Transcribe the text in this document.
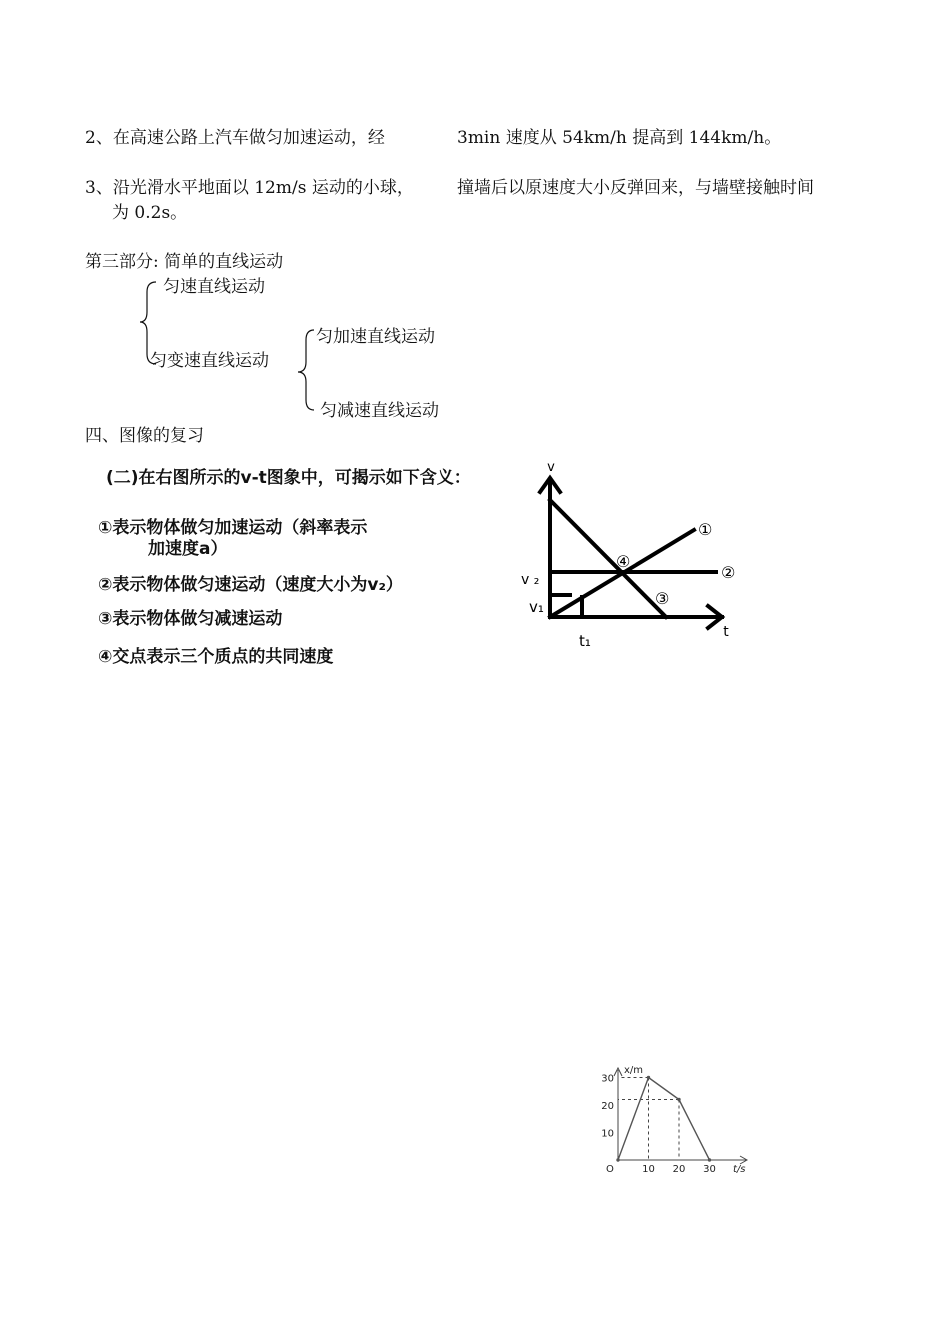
2、在高速公路上汽车做匀加速运动，经	3min 速度从 54km/h 提高到 144km/h。
3、沿光滑水平地面以 12m/s 运动的小球，	撞墙后以原速度大小反弹回来，与墙壁接触时间
为 0.2s。
第三部分: 简单的直线运动
匀速直线运动
匀变速直线运动
匀加速直线运动
匀减速直线运动
四、图像的复习
(二)在右图所示的v-t图象中，可揭示如下含义：
①表示物体做匀加速运动（斜率表示
加速度a）
②表示物体做匀速运动（速度大小为v₂）
③表示物体做匀减速运动
④交点表示三个质点的共同速度
v
t
v ₂
v₁
t₁
①
②
③
④
10 20 30
10
20
30
x/m
t/s
O
